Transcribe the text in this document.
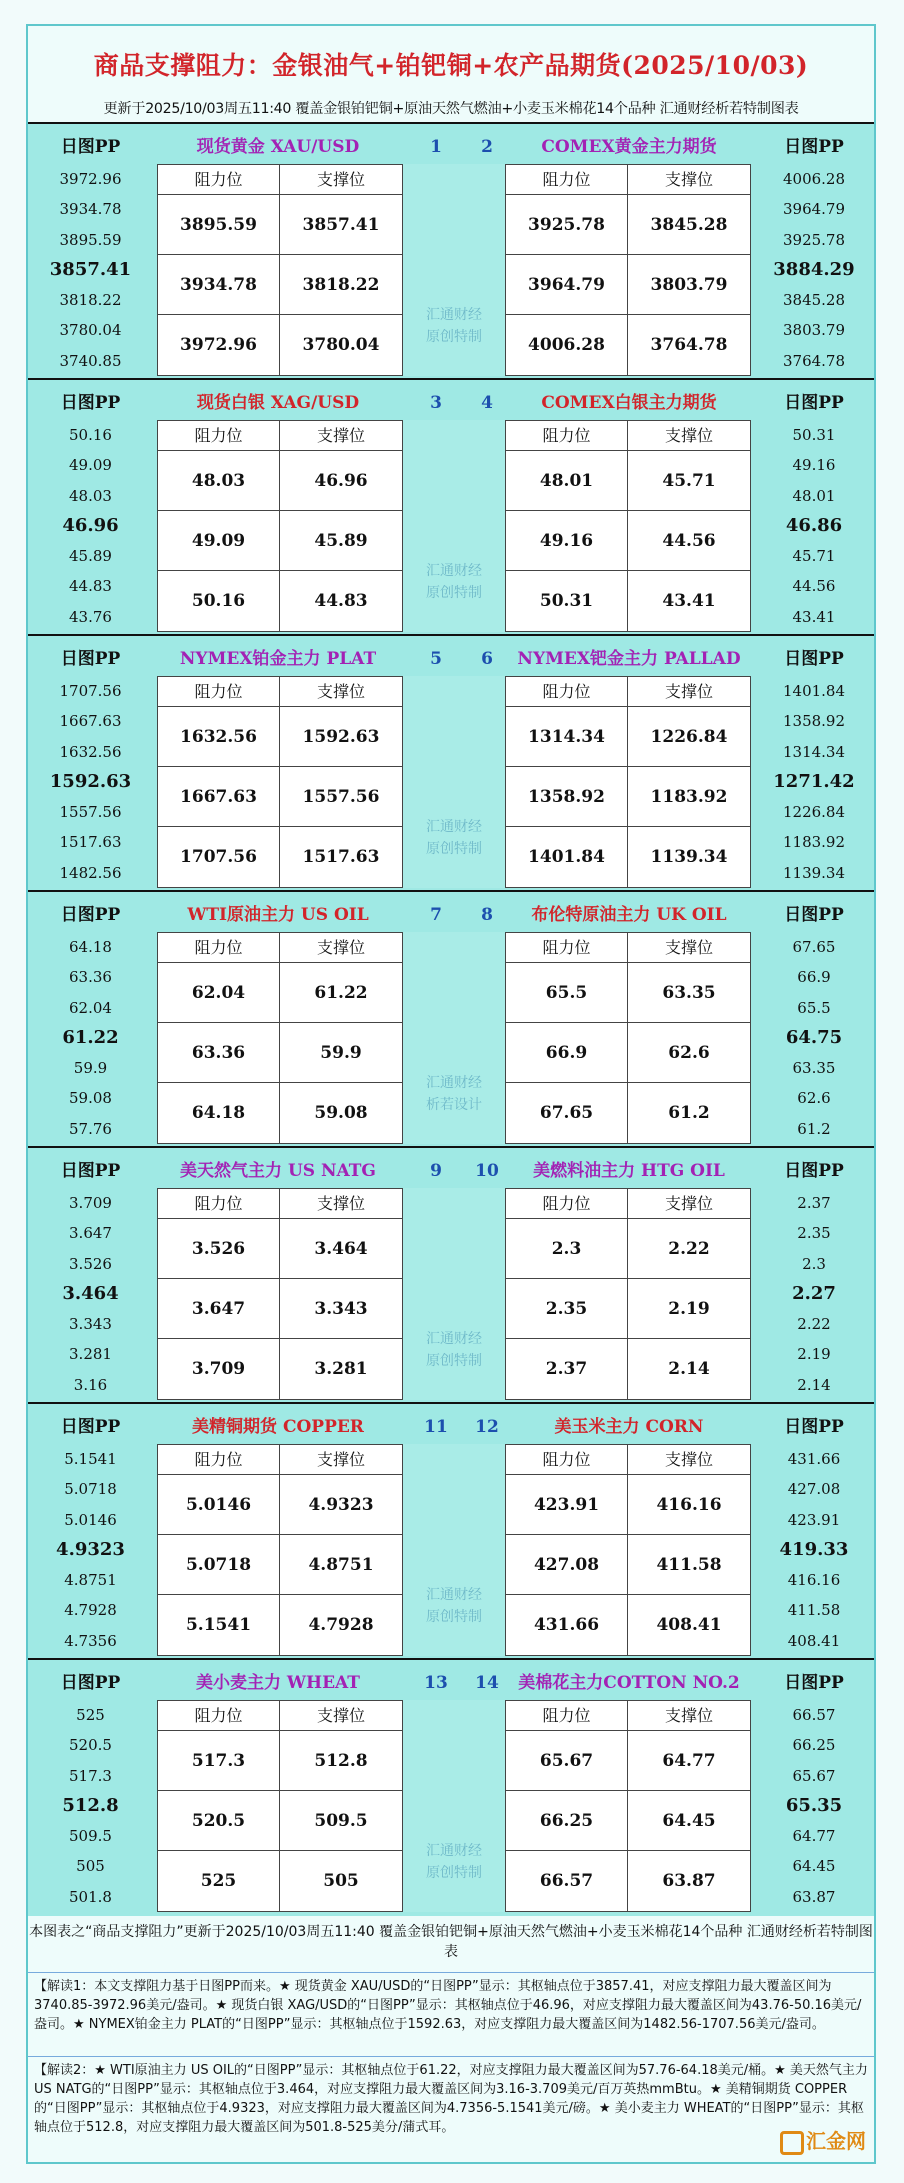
商品支撑阻力：金银油气+铂钯铜+农产品期货(2025/10/03)
更新于2025/10/03周五11:40 覆盖金银铂钯铜+原油天然气燃油+小麦玉米棉花14个品种 汇通财经析若特制图表
日图PP	现货黄金 XAU/USD	1	2	COMEX黄金主力期货	日图PP
3972.96
3934.78
3895.59
3857.41
3818.22
3780.04
3740.85
阻力位	支撑位
3895.59	3857.41
3934.78	3818.22
3972.96	3780.04
4006.28
3964.79
3925.78
3884.29
3845.28
3803.79
3764.78
阻力位	支撑位
3925.78	3845.28
3964.79	3803.79
4006.28	3764.78
汇通财经
原创特制
日图PP	现货白银 XAG/USD	3	4	COMEX白银主力期货	日图PP
50.16
49.09
48.03
46.96
45.89
44.83
43.76
阻力位	支撑位
48.03	46.96
49.09	45.89
50.16	44.83
50.31
49.16
48.01
46.86
45.71
44.56
43.41
阻力位	支撑位
48.01	45.71
49.16	44.56
50.31	43.41
汇通财经
原创特制
日图PP	NYMEX铂金主力 PLAT	5	6	NYMEX钯金主力 PALLAD	日图PP
1707.56
1667.63
1632.56
1592.63
1557.56
1517.63
1482.56
阻力位	支撑位
1632.56	1592.63
1667.63	1557.56
1707.56	1517.63
1401.84
1358.92
1314.34
1271.42
1226.84
1183.92
1139.34
阻力位	支撑位
1314.34	1226.84
1358.92	1183.92
1401.84	1139.34
汇通财经
原创特制
日图PP	WTI原油主力 US OIL	7	8	布伦特原油主力 UK OIL	日图PP
64.18
63.36
62.04
61.22
59.9
59.08
57.76
阻力位	支撑位
62.04	61.22
63.36	59.9
64.18	59.08
67.65
66.9
65.5
64.75
63.35
62.6
61.2
阻力位	支撑位
65.5	63.35
66.9	62.6
67.65	61.2
汇通财经
析若设计
日图PP	美天然气主力 US NATG	9	10	美燃料油主力 HTG OIL	日图PP
3.709
3.647
3.526
3.464
3.343
3.281
3.16
阻力位	支撑位
3.526	3.464
3.647	3.343
3.709	3.281
2.37
2.35
2.3
2.27
2.22
2.19
2.14
阻力位	支撑位
2.3	2.22
2.35	2.19
2.37	2.14
汇通财经
原创特制
日图PP	美精铜期货 COPPER	11 12	美玉米主力 CORN	日图PP
5.1541
5.0718
5.0146
4.9323
4.8751
4.7928
4.7356
阻力位	支撑位
5.0146	4.9323
5.0718	4.8751
5.1541	4.7928
431.66
427.08
423.91
419.33
416.16
411.58
408.41
阻力位	支撑位
423.91	416.16
427.08	411.58
431.66	408.41
汇通财经
原创特制
日图PP	美小麦主力 WHEAT	13 14	美棉花主力COTTON NO.2	日图PP
525
520.5
517.3
512.8
509.5
505
501.8
阻力位	支撑位
517.3	512.8
520.5	509.5
525	505
66.57
66.25
65.67
65.35
64.77
64.45
63.87
阻力位	支撑位
65.67	64.77
66.25	64.45
66.57	63.87
汇通财经
原创特制
本图表之“商品支撑阻力”更新于2025/10/03周五11:40 覆盖金银铂钯铜+原油天然气燃油+小麦玉米棉花14个品种 汇通财经析若特制图表
【解读1：本文支撑阻力基于日图PP而来。★ 现货黄金 XAU/USD的“日图PP”显示：其枢轴点位于3857.41，对应支撑阻力最大覆盖区间为3740.85-3972.96美元/盎司。★ 现货白银 XAG/USD的“日图PP”显示：其枢轴点位于46.96，对应支撑阻力最大覆盖区间为43.76-50.16美元/盎司。★ NYMEX铂金主力 PLAT的“日图PP”显示：其枢轴点位于1592.63，对应支撑阻力最大覆盖区间为1482.56-1707.56美元/盎司。
【解读2：★ WTI原油主力 US OIL的“日图PP”显示：其枢轴点位于61.22，对应支撑阻力最大覆盖区间为57.76-64.18美元/桶。★ 美天然气主力 US NATG的“日图PP”显示：其枢轴点位于3.464，对应支撑阻力最大覆盖区间为3.16-3.709美元/百万英热mmBtu。★ 美精铜期货 COPPER的“日图PP”显示：其枢轴点位于4.9323，对应支撑阻力最大覆盖区间为4.7356-5.1541美元/磅。★ 美小麦主力 WHEAT的“日图PP”显示：其枢轴点位于512.8，对应支撑阻力最大覆盖区间为501.8-525美分/蒲式耳。
汇金网
